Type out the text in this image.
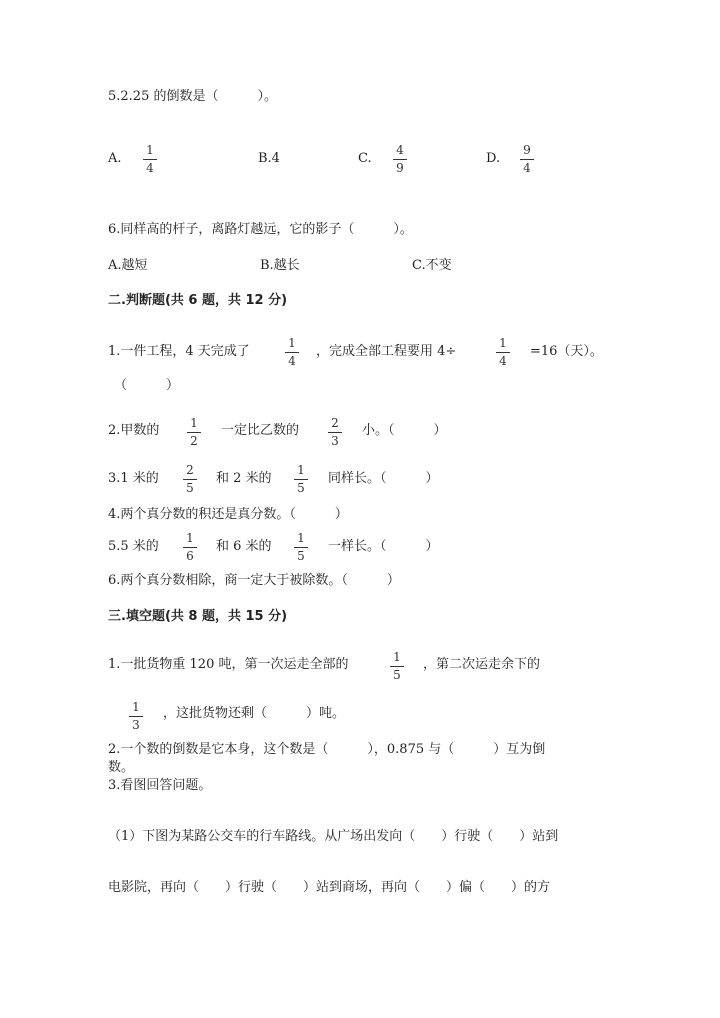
5.2.25 的倒数是（　　　）。
A.
1
4
B.4	C.
4
9
D.
9
4
6.同样高的杆子，离路灯越远，它的影子（　　　）。
A.越短	B.越长	C.不变
二.判断题(共 6 题，共 12 分)
1.一件工程，4 天完成了
1
4
，完成全部工程要用 4÷
1
4
=16（天）。
（　　　）
2.甲数的	1
2
一定比乙数的	2
3
小。（　　　）
3.1 米的
2
5
和 2 米的
1
5
同样长。（　　　）
4.两个真分数的积还是真分数。（　　　）
5.5 米的
1
6
和 6 米的
1
5
一样长。（　　　）
6.两个真分数相除，商一定大于被除数。（　　　）
三.填空题(共 8 题，共 15 分)
1.一批货物重 120 吨，第一次运走全部的	1
5
，第二次运走余下的
1
3
，这批货物还剩（　　　）吨。
2.一个数的倒数是它本身，这个数是（　　　），0.875 与（　　　）互为倒
数。
3.看图回答问题。
（1）下图为某路公交车的行车路线。从广场出发向（　　）行驶（　　）站到
电影院，再向（　　）行驶（　　）站到商场，再向（　　）偏（　　）的方
